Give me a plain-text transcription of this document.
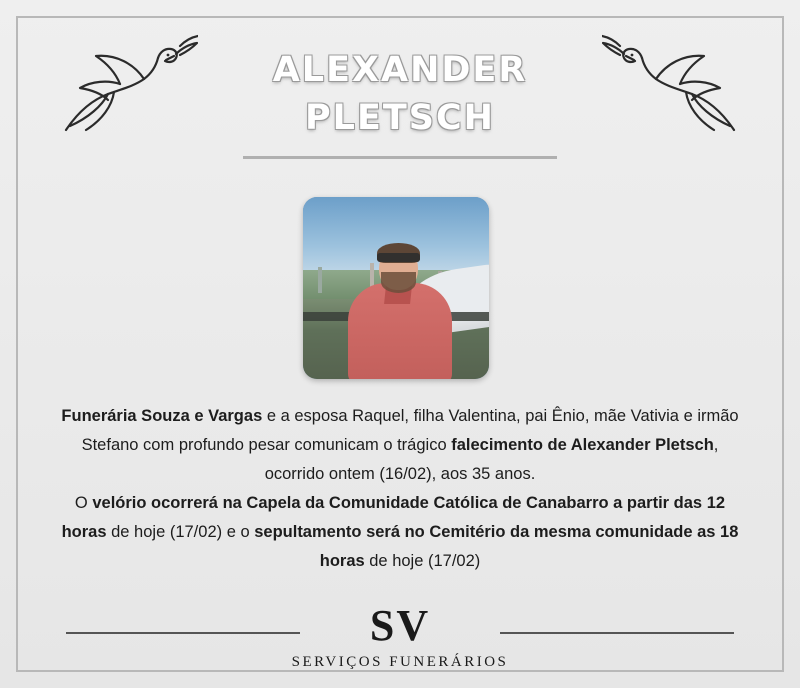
ALEXANDER
PLETSCH

Funerária Souza e Vargas e a esposa Raquel, filha Valentina, pai Ênio, mãe Vativia e irmão Stefano com profundo pesar comunicam o trágico falecimento de Alexander Pletsch, ocorrido ontem (16/02), aos 35 anos.

O velório ocorrerá na Capela da Comunidade Católica de Canabarro a partir das 12 horas de hoje (17/02) e o sepultamento será no Cemitério da mesma comunidade as 18 horas de hoje (17/02)

SV
SERVIÇOS FUNERÁRIOS
